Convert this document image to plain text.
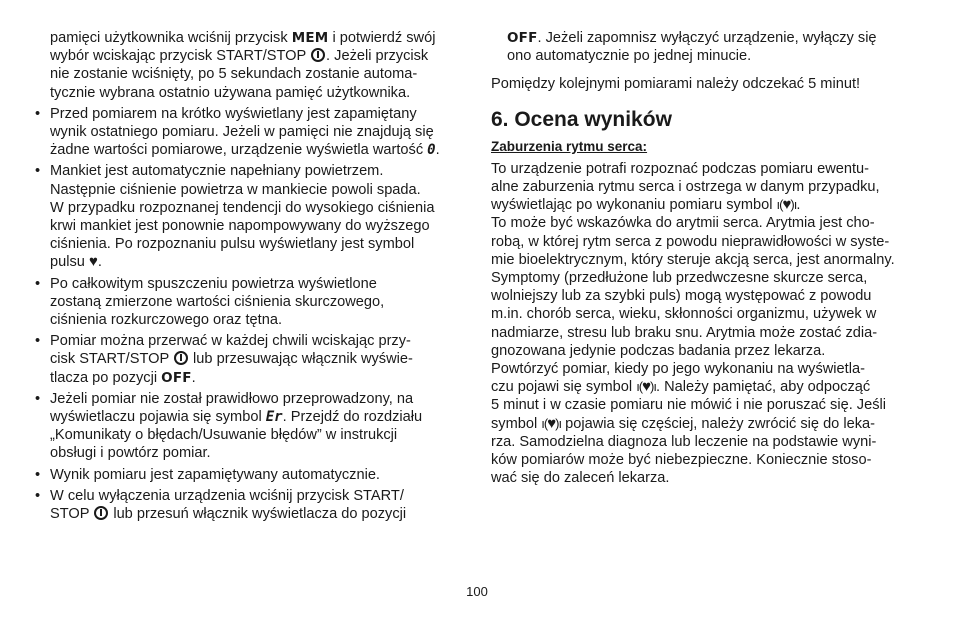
pamięci użytkownika wciśnij przycisk MEM i potwierdź swój
wybór wciskając przycisk START/STOP . Jeżeli przycisk
nie zostanie wciśnięty, po 5 sekundach zostanie automa-
tycznie wybrana ostatnio używana pamięć użytkownika.
• Przed pomiarem na krótko wyświetlany jest zapamiętany
wynik ostatniego pomiaru. Jeżeli w pamięci nie znajdują się
żadne wartości pomiarowe, urządzenie wyświetla wartość 0.
• Mankiet jest automatycznie napełniany powietrzem.
Następnie ciśnienie powietrza w mankiecie powoli spada.
W przypadku rozpoznanej tendencji do wysokiego ciśnienia
krwi mankiet jest ponownie napompowywany do wyższego
ciśnienia. Po rozpoznaniu pulsu wyświetlany jest symbol
pulsu ♥.
• Po całkowitym spuszczeniu powietrza wyświetlone
zostaną zmierzone wartości ciśnienia skurczowego,
ciśnienia rozkurczowego oraz tętna.
• Pomiar można przerwać w każdej chwili wciskając przy-
cisk START/STOP  lub przesuwając włącznik wyświe-
tlacza po pozycji OFF.
• Jeżeli pomiar nie został prawidłowo przeprowadzony, na
wyświetlaczu pojawia się symbol Er. Przejdź do rozdziału
„Komunikaty o błędach/Usuwanie błędów” w instrukcji
obsługi i powtórz pomiar.
• Wynik pomiaru jest zapamiętywany automatycznie.
• W celu wyłączenia urządzenia wciśnij przycisk START/
STOP  lub przesuń włącznik wyświetlacza do pozycji
OFF. Jeżeli zapomnisz wyłączyć urządzenie, wyłączy się
ono automatycznie po jednej minucie.
Pomiędzy kolejnymi pomiarami należy odczekać 5 minut!
6. Ocena wyników
Zaburzenia rytmu serca:
To urządzenie potrafi rozpoznać podczas pomiaru ewentu-
alne zaburzenia rytmu serca i ostrzega w danym przypadku,
wyświetlając po wykonaniu pomiaru symbol ı(♥)ı.
To może być wskazówka do arytmii serca. Arytmia jest cho-
robą, w której rytm serca z powodu nieprawidłowości w syste-
mie bioelektrycznym, który steruje akcją serca, jest anormalny.
Symptomy (przedłużone lub przedwczesne skurcze serca,
wolniejszy lub za szybki puls) mogą występować z powodu
m.in. chorób serca, wieku, skłonności organizmu, używek w
nadmiarze, stresu lub braku snu. Arytmia może zostać zdia-
gnozowana jedynie podczas badania przez lekarza.
Powtórzyć pomiar, kiedy po jego wykonaniu na wyświetla-
czu pojawi się symbol ı(♥)ı. Należy pamiętać, aby odpocząć
5 minut i w czasie pomiaru nie mówić i nie poruszać się. Jeśli
symbol ı(♥)ı pojawia się częściej, należy zwrócić się do leka-
rza. Samodzielna diagnoza lub leczenie na podstawie wyni-
ków pomiarów może być niebezpieczne. Koniecznie stoso-
wać się do zaleceń lekarza.
100
